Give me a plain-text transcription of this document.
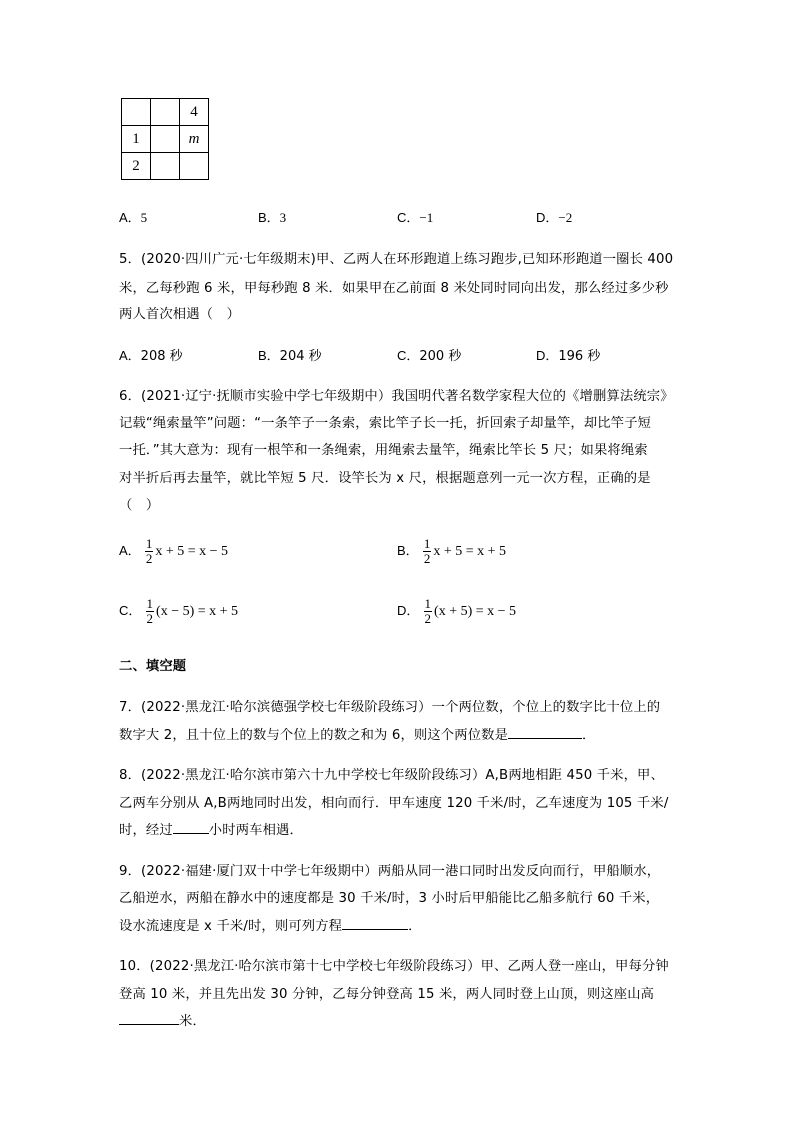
		4
1		m
2		
A．5	B．3	C．−1	D．−2
5．(2020·四川广元·七年级期末)甲、乙两人在环形跑道上练习跑步,已知环形跑道一圈长 400
米，乙每秒跑 6 米，甲每秒跑 8 米．如果甲在乙前面 8 米处同时同向出发，那么经过多少秒
两人首次相遇（　）
A．208 秒	B．204 秒	C．200 秒	D．196 秒
6．(2021·辽宁·抚顺市实验中学七年级期中）我国明代著名数学家程大位的《增删算法统宗》
记载“绳索量竿”问题：“一条竿子一条索，索比竿子长一托，折回索子却量竿，却比竿子短
一托．”其大意为：现有一根竿和一条绳索，用绳索去量竿，绳索比竿长 5 尺；如果将绳索
对半折后再去量竿，就比竿短 5 尺．设竿长为 x 尺，根据题意列一元一次方程，正确的是
（　）
A． $\frac{1}{2}$ x + 5 = x − 5	B． $\frac{1}{2}$ x + 5 = x + 5
C． $\frac{1}{2} (x - 5) = x + 5$	D． $\frac{1}{2} (x + 5) = x - 5$
二、填空题
7．(2022·黑龙江·哈尔滨德强学校七年级阶段练习）一个两位数，个位上的数字比十位上的
数字大 2，且十位上的数与个位上的数之和为 6，则这个两位数是	．
8．(2022·黑龙江·哈尔滨市第六十九中学校七年级阶段练习）A,B两地相距 450 千米，甲、
乙两车分别从 A,B两地同时出发，相向而行．甲车速度 120 千米/时，乙车速度为 105 千米/
时，经过	小时两车相遇．
9．(2022·福建·厦门双十中学七年级期中）两船从同一港口同时出发反向而行，甲船顺水，
乙船逆水，两船在静水中的速度都是 30 千米/时，3 小时后甲船能比乙船多航行 60 千米，
设水流速度是 x 千米/时，则可列方程	．
10．(2022·黑龙江·哈尔滨市第十七中学校七年级阶段练习）甲、乙两人登一座山，甲每分钟
登高 10 米，并且先出发 30 分钟，乙每分钟登高 15 米，两人同时登上山顶，则这座山高
米．
